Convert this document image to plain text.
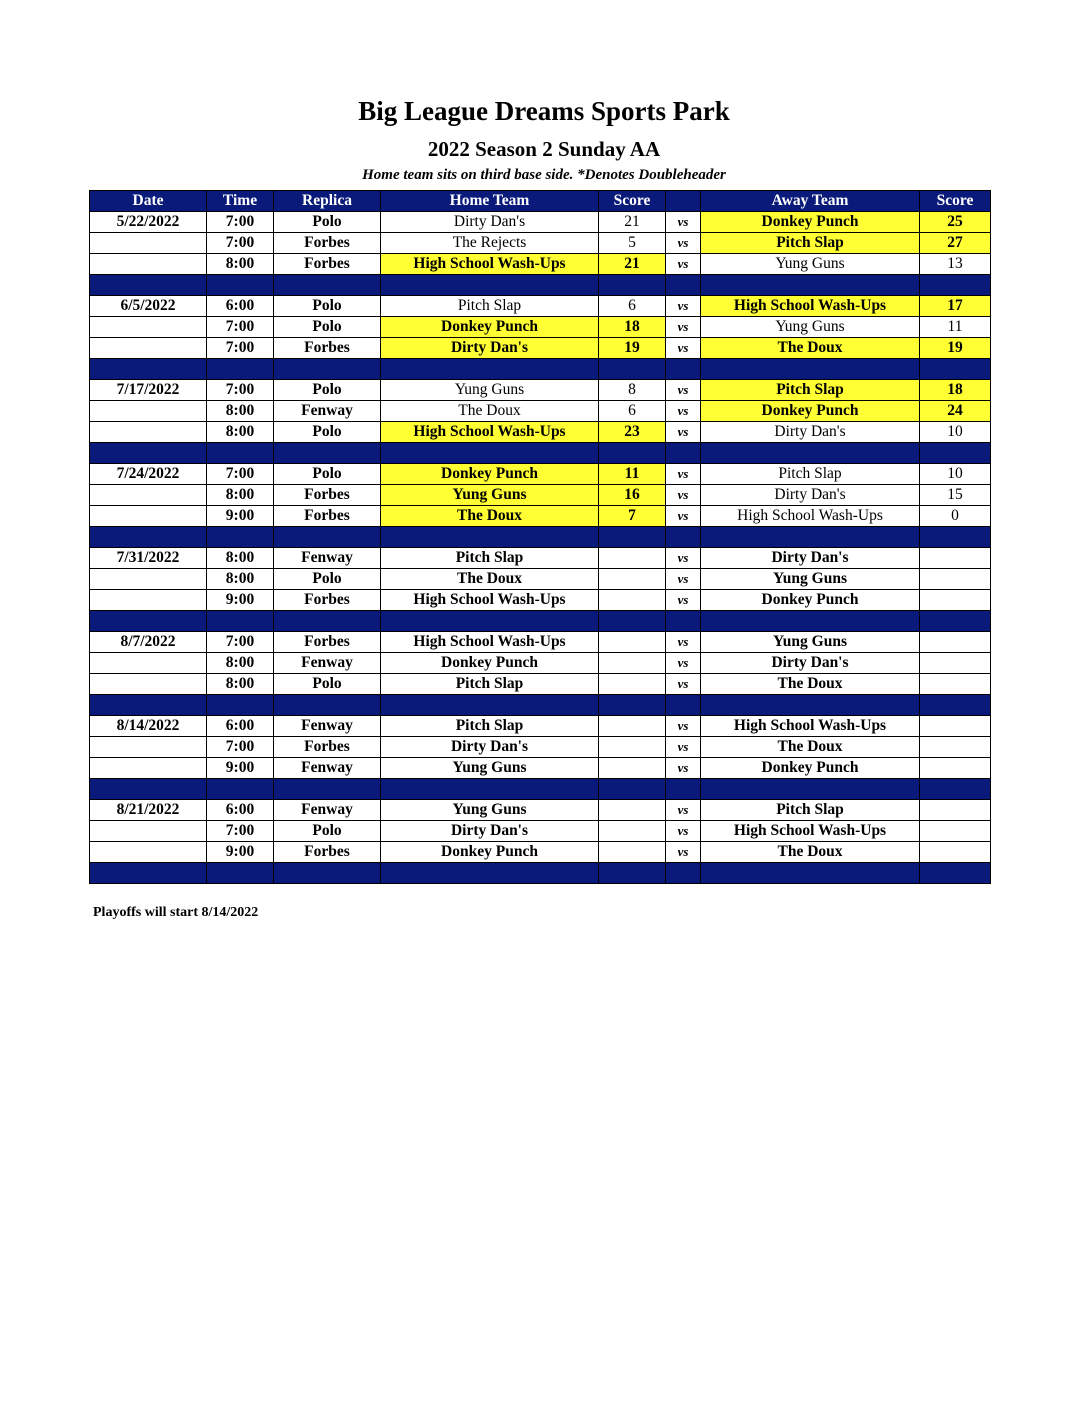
Big League Dreams Sports Park
2022 Season 2 Sunday AA
Home team sits on third base side. *Denotes Doubleheader
Date	Time	Replica	Home Team	Score		Away Team	Score
5/22/2022	7:00	Polo	Dirty Dan's	21	vs	Donkey Punch	25
	7:00	Forbes	The Rejects	5	vs	Pitch Slap	27
	8:00	Forbes	High School Wash-Ups	21	vs	Yung Guns	13

6/5/2022	6:00	Polo	Pitch Slap	6	vs	High School Wash-Ups	17
	7:00	Polo	Donkey Punch	18	vs	Yung Guns	11
	7:00	Forbes	Dirty Dan's	19	vs	The Doux	19

7/17/2022	7:00	Polo	Yung Guns	8	vs	Pitch Slap	18
	8:00	Fenway	The Doux	6	vs	Donkey Punch	24
	8:00	Polo	High School Wash-Ups	23	vs	Dirty Dan's	10

7/24/2022	7:00	Polo	Donkey Punch	11	vs	Pitch Slap	10
	8:00	Forbes	Yung Guns	16	vs	Dirty Dan's	15
	9:00	Forbes	The Doux	7	vs	High School Wash-Ups	0

7/31/2022	8:00	Fenway	Pitch Slap		vs	Dirty Dan's	
	8:00	Polo	The Doux		vs	Yung Guns	
	9:00	Forbes	High School Wash-Ups		vs	Donkey Punch	

8/7/2022	7:00	Forbes	High School Wash-Ups		vs	Yung Guns	
	8:00	Fenway	Donkey Punch		vs	Dirty Dan's	
	8:00	Polo	Pitch Slap		vs	The Doux	

8/14/2022	6:00	Fenway	Pitch Slap		vs	High School Wash-Ups	
	7:00	Forbes	Dirty Dan's		vs	The Doux	
	9:00	Fenway	Yung Guns		vs	Donkey Punch	

8/21/2022	6:00	Fenway	Yung Guns		vs	Pitch Slap	
	7:00	Polo	Dirty Dan's		vs	High School Wash-Ups	
	9:00	Forbes	Donkey Punch		vs	The Doux	

Playoffs will start 8/14/2022
